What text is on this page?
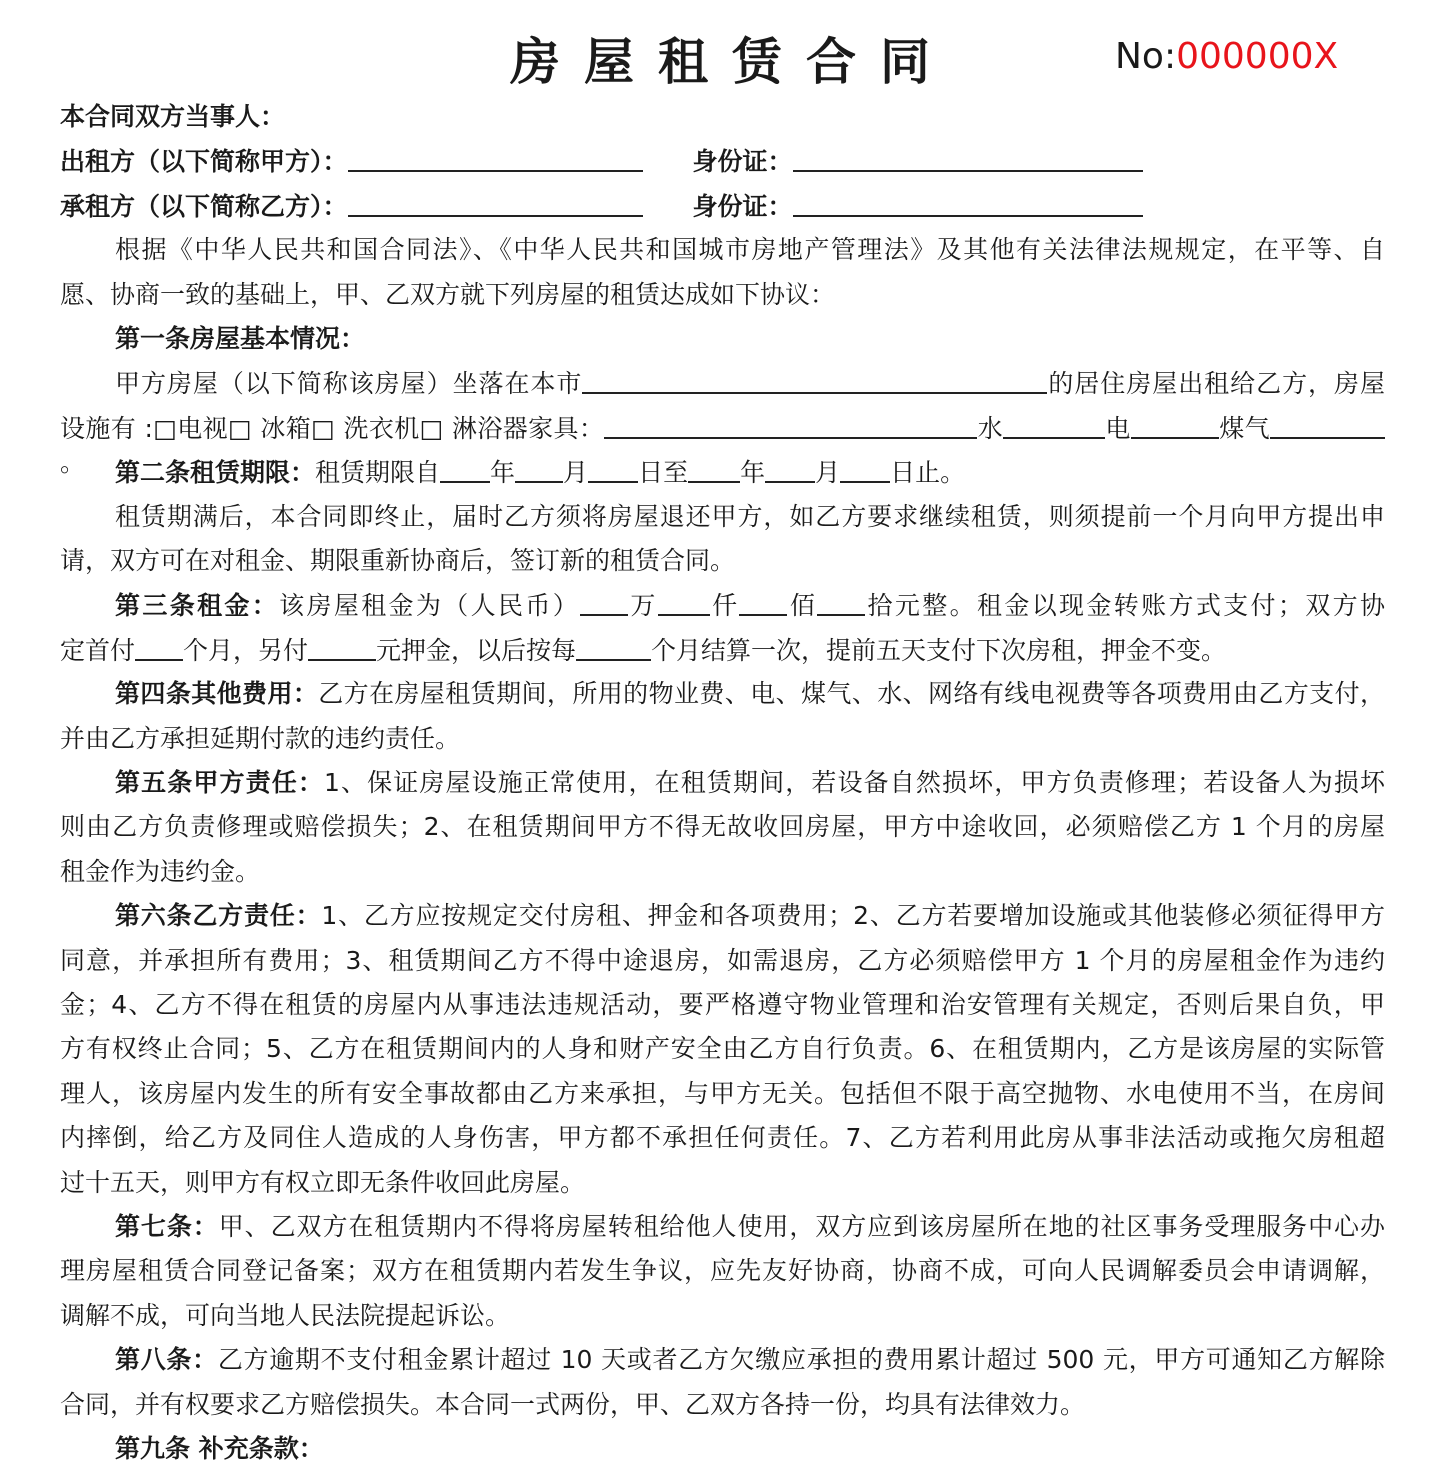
房屋租赁合同	No:000000X
本合同双方当事人：
出租方（以下简称甲方）：	身份证：
承租方（以下简称乙方）：	身份证：
根据《中华人民共和国合同法》、《中华人民共和国城市房地产管理法》及其他有关法律法规规定，在平等、自
愿、协商一致的基础上，甲、乙双方就下列房屋的租赁达成如下协议：
第一条房屋基本情况：
甲方房屋（以下简称该房屋）坐落在本市	的居住房屋出租给乙方，房屋
设施有 :□电视□ 冰箱□ 洗衣机□ 淋浴器家具：	水	电	煤气。	第二条租赁期限：租赁期限自 年 月 日至 年 月 日止。
租赁期满后，本合同即终止，届时乙方须将房屋退还甲方，如乙方要求继续租赁，则须提前一个月向甲方提出申
请，双方可在对租金、期限重新协商后，签订新的租赁合同。
第三条租金：该房屋租金为（人民币） 万 仟 佰 拾元整。租金以现金转账方式支付；双方协
定首付 个月，另付	元押金，以后按每	个月结算一次，提前五天支付下次房租，押金不变。
第四条其他费用：乙方在房屋租赁期间，所用的物业费、电、煤气、水、网络有线电视费等各项费用由乙方支付，
并由乙方承担延期付款的违约责任。
第五条甲方责任：1、保证房屋设施正常使用，在租赁期间，若设备自然损坏，甲方负责修理；若设备人为损坏
则由乙方负责修理或赔偿损失；2、在租赁期间甲方不得无故收回房屋，甲方中途收回，必须赔偿乙方 1 个月的房屋
租金作为违约金。
第六条乙方责任：1、乙方应按规定交付房租、押金和各项费用；2、乙方若要增加设施或其他装修必须征得甲方
同意，并承担所有费用；3、租赁期间乙方不得中途退房，如需退房，乙方必须赔偿甲方 1 个月的房屋租金作为违约
金；4、乙方不得在租赁的房屋内从事违法违规活动，要严格遵守物业管理和治安管理有关规定，否则后果自负，甲
方有权终止合同；5、乙方在租赁期间内的人身和财产安全由乙方自行负责。6、在租赁期内，乙方是该房屋的实际管
理人，该房屋内发生的所有安全事故都由乙方来承担，与甲方无关。包括但不限于高空抛物、水电使用不当，在房间
内摔倒，给乙方及同住人造成的人身伤害，甲方都不承担任何责任。7、乙方若利用此房从事非法活动或拖欠房租超
过十五天，则甲方有权立即无条件收回此房屋。
第七条：甲、乙双方在租赁期内不得将房屋转租给他人使用，双方应到该房屋所在地的社区事务受理服务中心办
理房屋租赁合同登记备案；双方在租赁期内若发生争议，应先友好协商，协商不成，可向人民调解委员会申请调解，
调解不成，可向当地人民法院提起诉讼。
第八条：乙方逾期不支付租金累计超过 10 天或者乙方欠缴应承担的费用累计超过 500 元，甲方可通知乙方解除
合同，并有权要求乙方赔偿损失。本合同一式两份，甲、乙双方各持一份，均具有法律效力。
第九条 补充条款：
